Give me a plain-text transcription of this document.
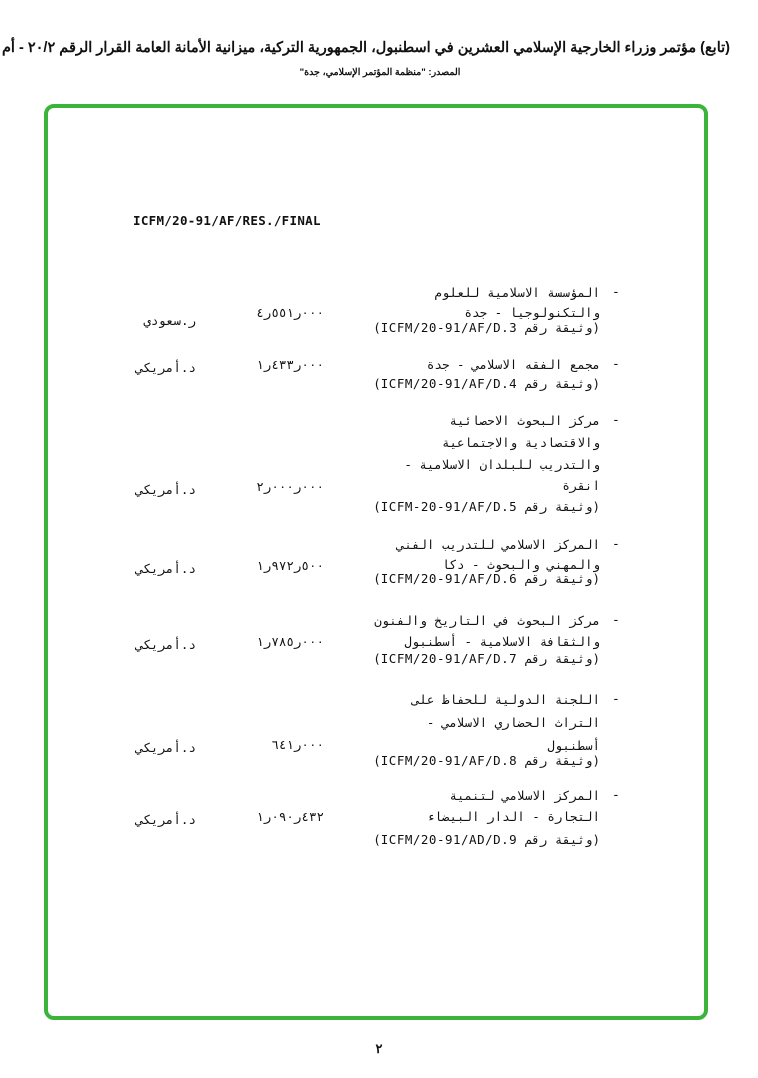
(تابع) مؤتمر وزراء الخارجية الإسلامي العشرين في اسطنبول، الجمهورية التركية، ميزانية الأمانة العامة القرار الرقم ٢٠/٢ - أم
المصدر: "منظمة المؤتمر الإسلامي، جدة"
ICFM/20-91/AF/RES./FINAL
-
المؤسسة الاسلامية للعلوم
والتكنولوجيا - جدة
(وثيقة رقم ICFM/20-91/AF/D.3)
٤ر٥٥١ر٠٠٠
ر.سعودي
-
مجمع الفقه الاسلامي - جدة
(وثيقة رقم ICFM/20-91/AF/D.4)
١ر٤٣٣ر٠٠٠
د.أمريكي
-
مركز البحوث الاحصائية
والاقتصادية والاجتماعية
والتدريب للبلدان الاسلامية -
انقرة
(وثيقة رقم ICFM-20-91/AF/D.5)
٢ر٠٠٠ر٠٠٠
د.أمريكي
-
المركز الاسلامي للتدريب الفني
والمهني والبحوث - دكا
(وثيقة رقم ICFM/20-91/AF/D.6)
١ر٩٧٢ر٥٠٠
د.أمريكي
-
مركز البحوث في التاريخ والفنون
والثقافة الاسلامية - أسطنبول
(وثيقة رقم ICFM/20-91/AF/D.7)
١ر٧٨٥ر٠٠٠
د.أمريكي
-
اللجنة الدولية للحفاظ على
التراث الحضاري الاسلامي -
أسطنبول
(وثيقة رقم ICFM/20-91/AF/D.8)
٦٤١ر٠٠٠
د.أمريكي
-
المركز الاسلامي لتنمية
التجارة - الدار البيضاء
(وثيقة رقم ICFM/20-91/AD/D.9)
١ر٠٩٠ر٤٣٢
د.أمريكي
٢
